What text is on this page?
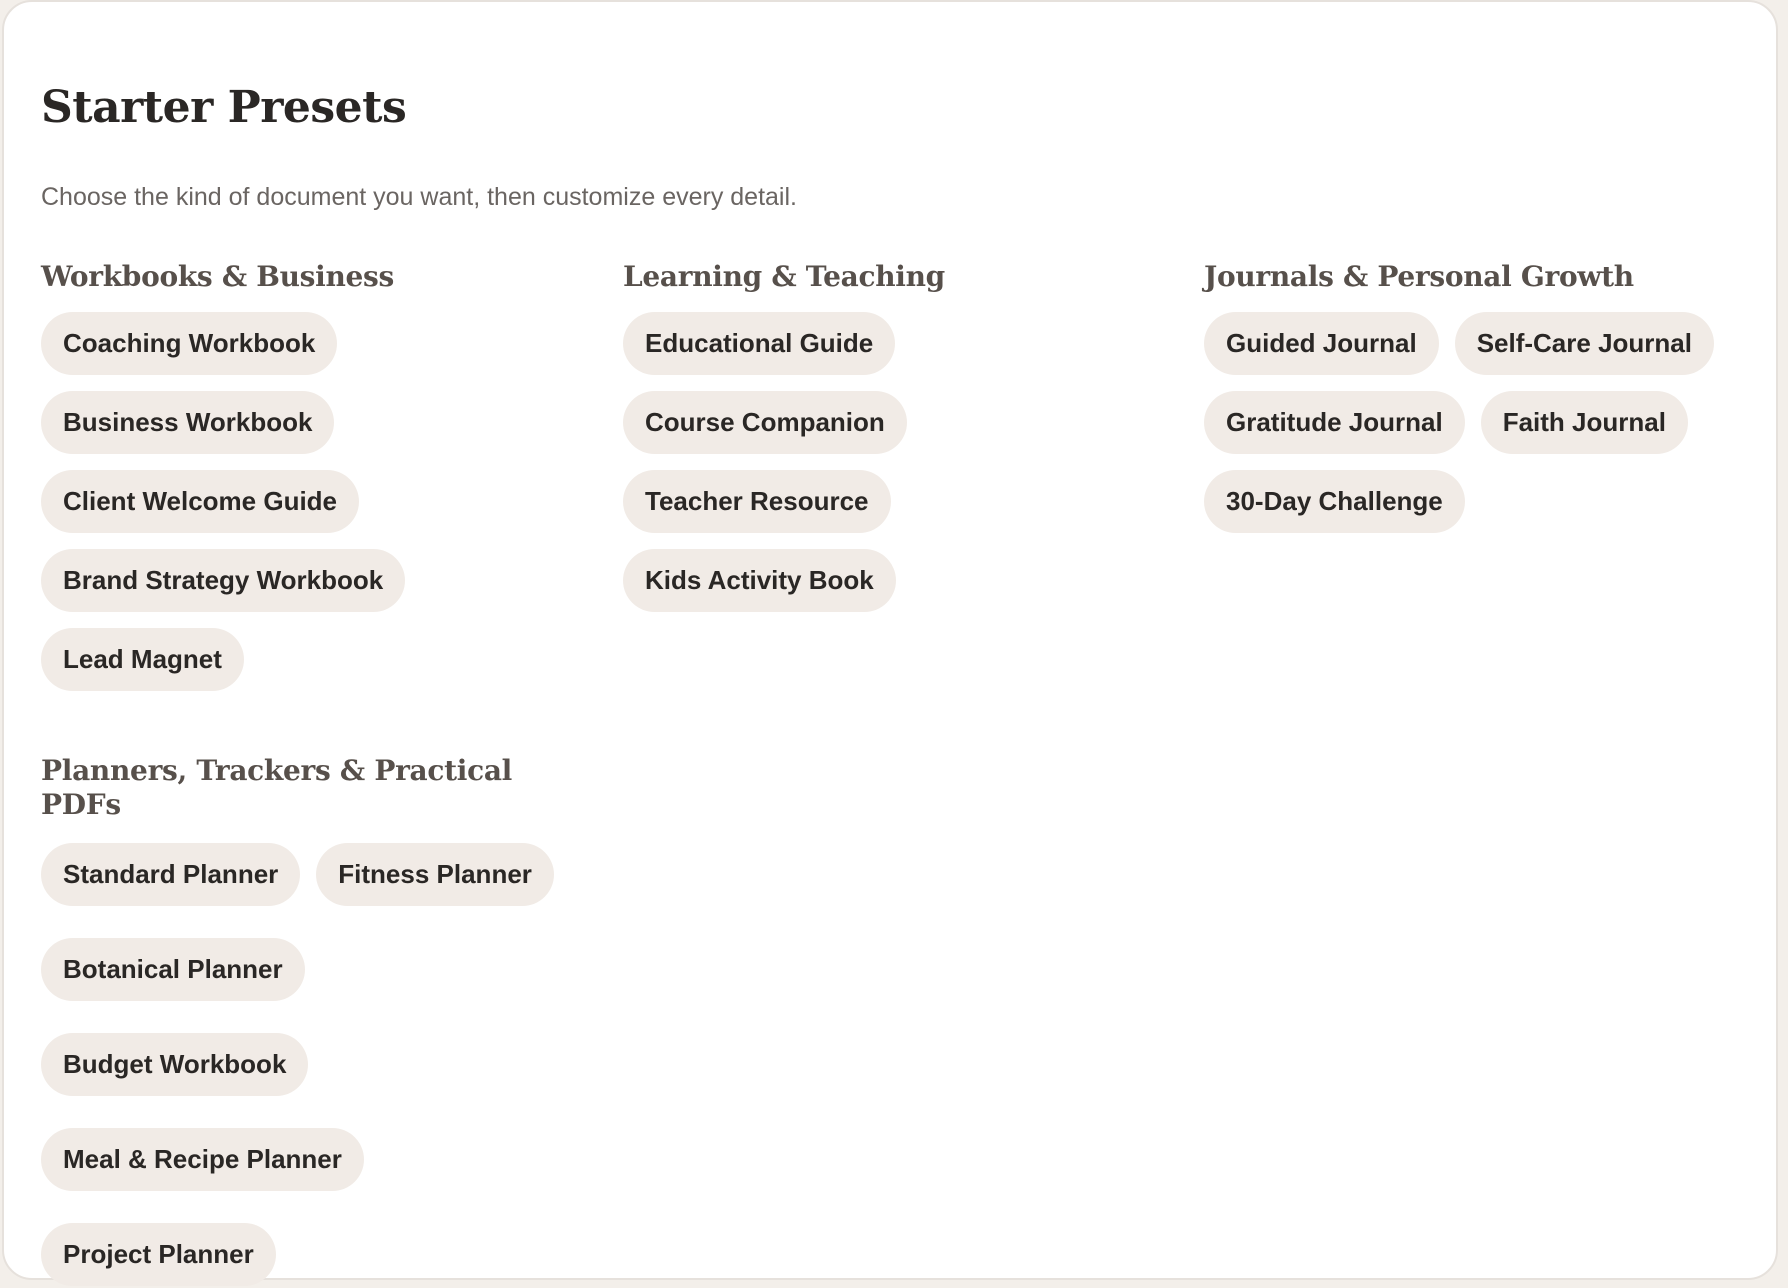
Starter Presets

Choose the kind of document you want, then customize every detail.

Workbooks & Business
Coaching Workbook
Business Workbook
Client Welcome Guide
Brand Strategy Workbook
Lead Magnet
Learning & Teaching
Educational Guide
Course Companion
Teacher Resource
Kids Activity Book
Journals & Personal Growth
Guided Journal	Self-Care Journal
Gratitude Journal	Faith Journal
30-Day Challenge
Planners, Trackers & Practical PDFs
Standard Planner	Fitness Planner
Botanical Planner
Budget Workbook
Meal & Recipe Planner
Project Planner
